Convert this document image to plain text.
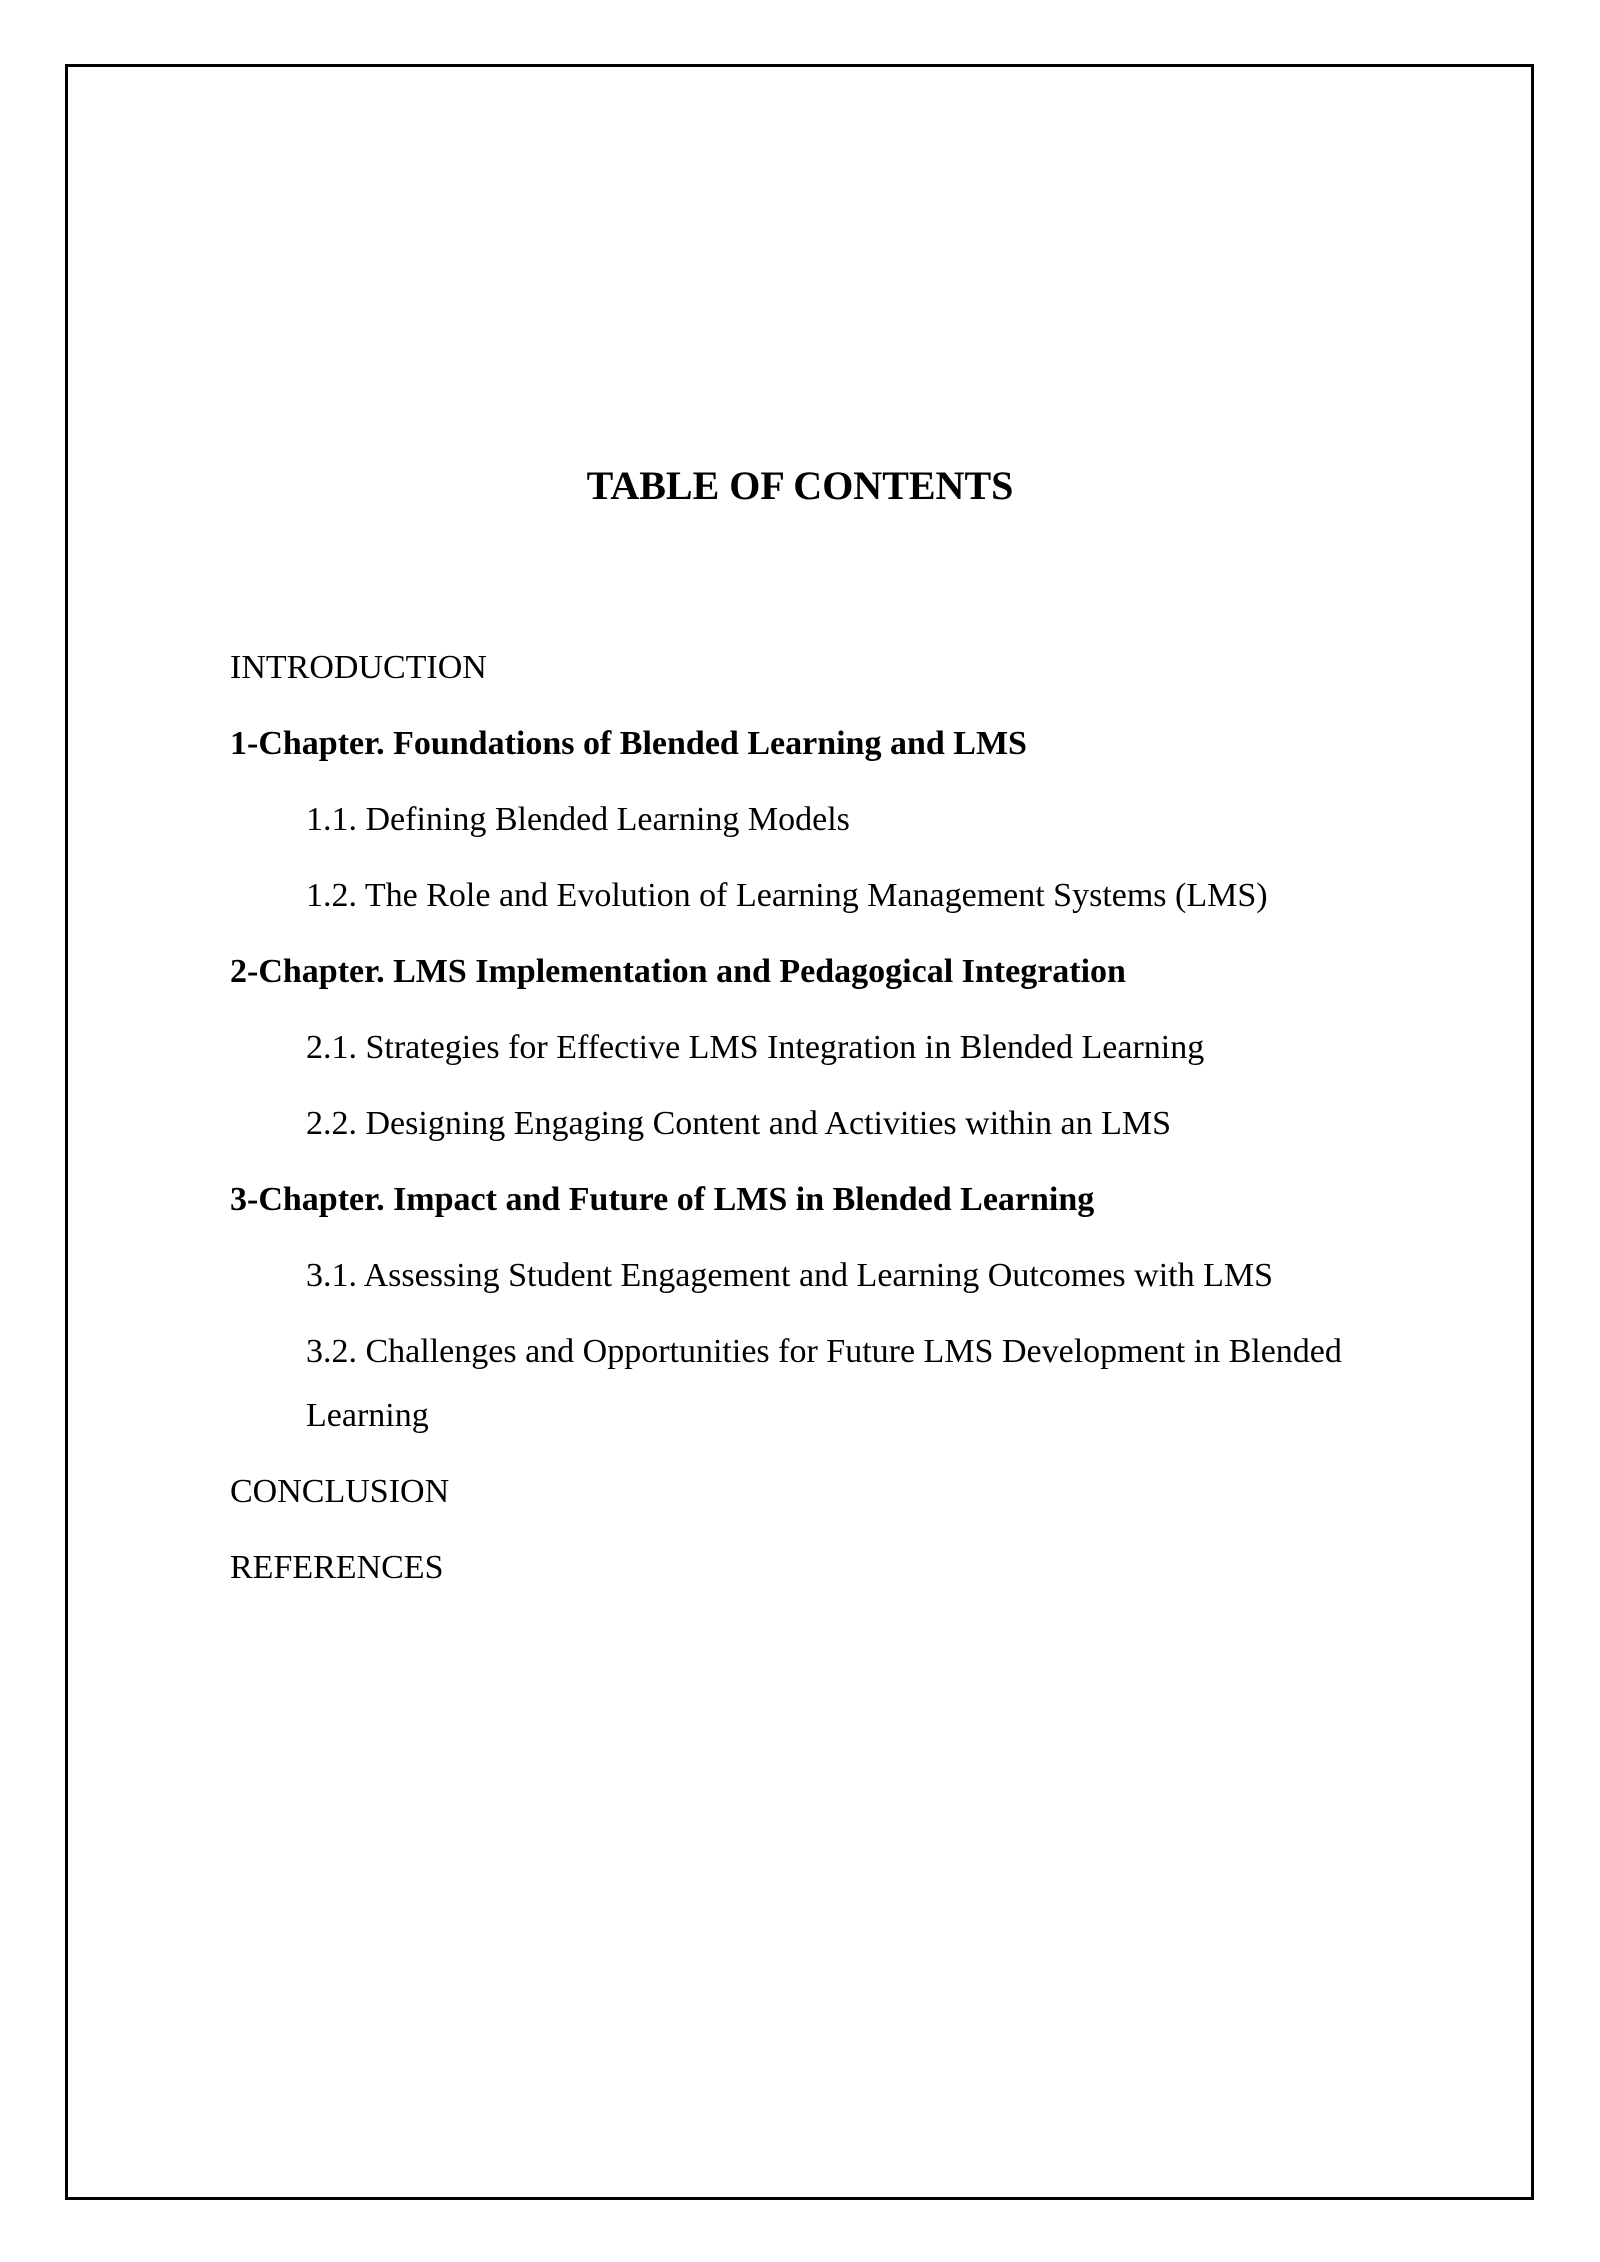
TABLE OF CONTENTS
INTRODUCTION
1-Chapter. Foundations of Blended Learning and LMS
1.1. Defining Blended Learning Models
1.2. The Role and Evolution of Learning Management Systems (LMS)
2-Chapter. LMS Implementation and Pedagogical Integration
2.1. Strategies for Effective LMS Integration in Blended Learning
2.2. Designing Engaging Content and Activities within an LMS
3-Chapter. Impact and Future of LMS in Blended Learning
3.1. Assessing Student Engagement and Learning Outcomes with LMS
3.2. Challenges and Opportunities for Future LMS Development in Blended Learning
CONCLUSION
REFERENCES
